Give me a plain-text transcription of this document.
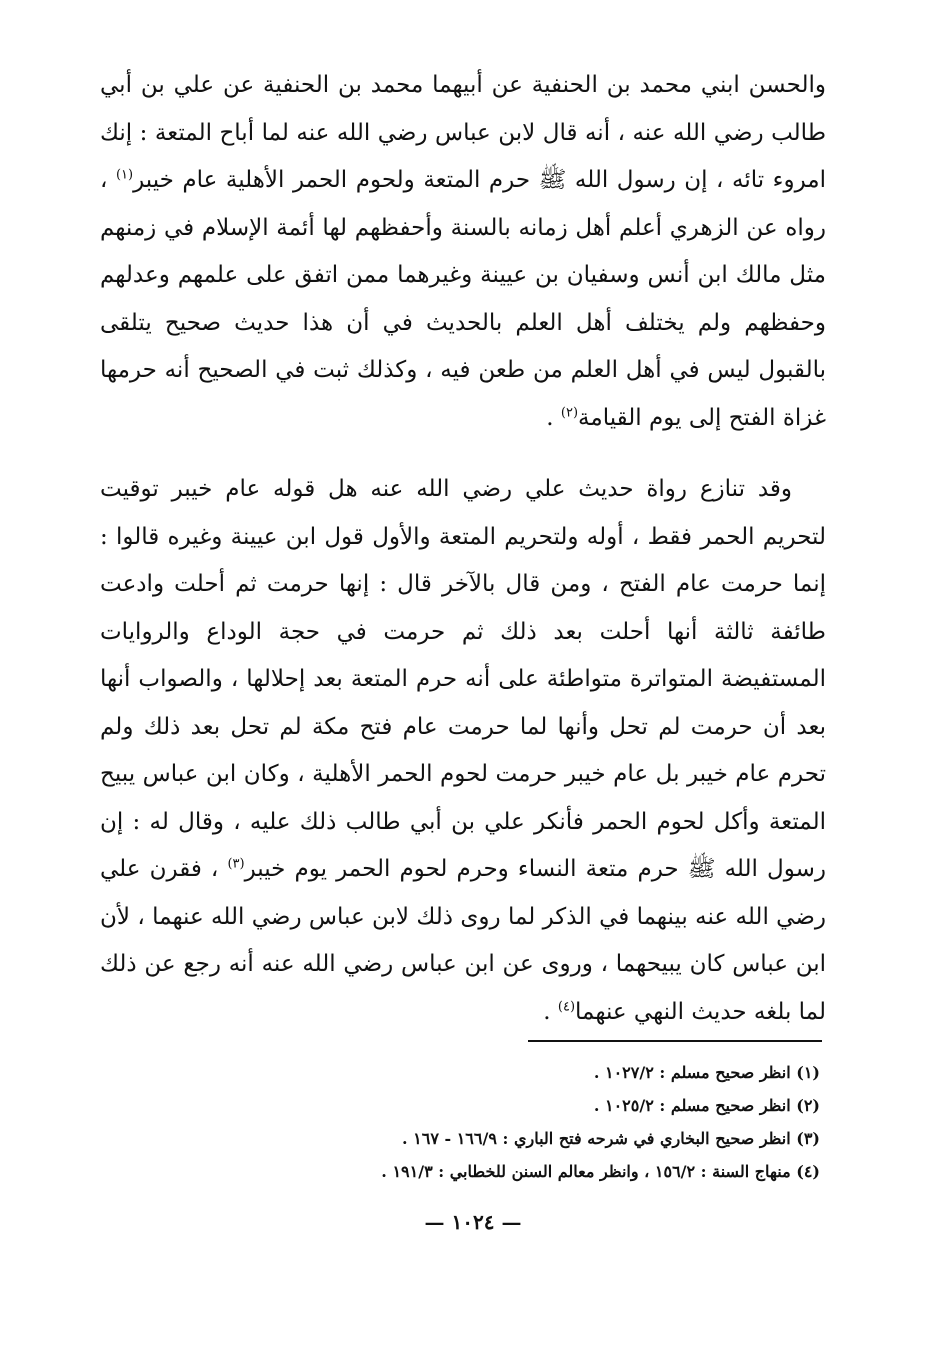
والحسن ابني محمد بن الحنفية عن أبيهما محمد بن الحنفية عن علي بن أبي طالب رضي الله عنه ، أنه قال لابن عباس رضي الله عنه لما أباح المتعة : إنك امروء تائه ، إن رسول الله ﷺ حرم المتعة ولحوم الحمر الأهلية عام خيبر$^{(١)}$ ، رواه عن الزهري أعلم أهل زمانه بالسنة وأحفظهم لها أئمة الإسلام في زمنهم مثل مالك ابن أنس وسفيان بن عيينة وغيرهما ممن اتفق على علمهم وعدلهم وحفظهم ولم يختلف أهل العلم بالحديث في أن هذا حديث صحيح يتلقى بالقبول ليس في أهل العلم من طعن فيه ، وكذلك ثبت في الصحيح أنه حرمها غزاة الفتح إلى يوم القيامة$^{(٢)}$ .

وقد تنازع رواة حديث علي رضي الله عنه هل قوله عام خيبر توقيت لتحريم الحمر فقط ، أوله ولتحريم المتعة والأول قول ابن عيينة وغيره قالوا : إنما حرمت عام الفتح ، ومن قال بالآخر قال : إنها حرمت ثم أحلت وادعت طائفة ثالثة أنها أحلت بعد ذلك ثم حرمت في حجة الوداع والروايات المستفيضة المتواترة متواطئة على أنه حرم المتعة بعد إحلالها ، والصواب أنها بعد أن حرمت لم تحل وأنها لما حرمت عام فتح مكة لم تحل بعد ذلك ولم تحرم عام خيبر بل عام خيبر حرمت لحوم الحمر الأهلية ، وكان ابن عباس يبيح المتعة وأكل لحوم الحمر فأنكر علي بن أبي طالب ذلك عليه ، وقال له : إن رسول الله ﷺ حرم متعة النساء وحرم لحوم الحمر يوم خيبر$^{(٣)}$ ، فقرن علي رضي الله عنه بينهما في الذكر لما روى ذلك لابن عباس رضي الله عنهما ، لأن ابن عباس كان يبيحهما ، وروى عن ابن عباس رضي الله عنه أنه رجع عن ذلك لما بلغه حديث النهي عنهما$^{(٤)}$ .

(١) انظر صحيح مسلم : ١٠٢٧/٢ .
(٢) انظر صحيح مسلم : ١٠٢٥/٢ .
(٣) انظر صحيح البخاري في شرحه فتح الباري : ١٦٦/٩ - ١٦٧ .
(٤) منهاج السنة : ١٥٦/٢ ، وانظر معالم السنن للخطابي : ١٩١/٣ .
— ١٠٢٤ —
